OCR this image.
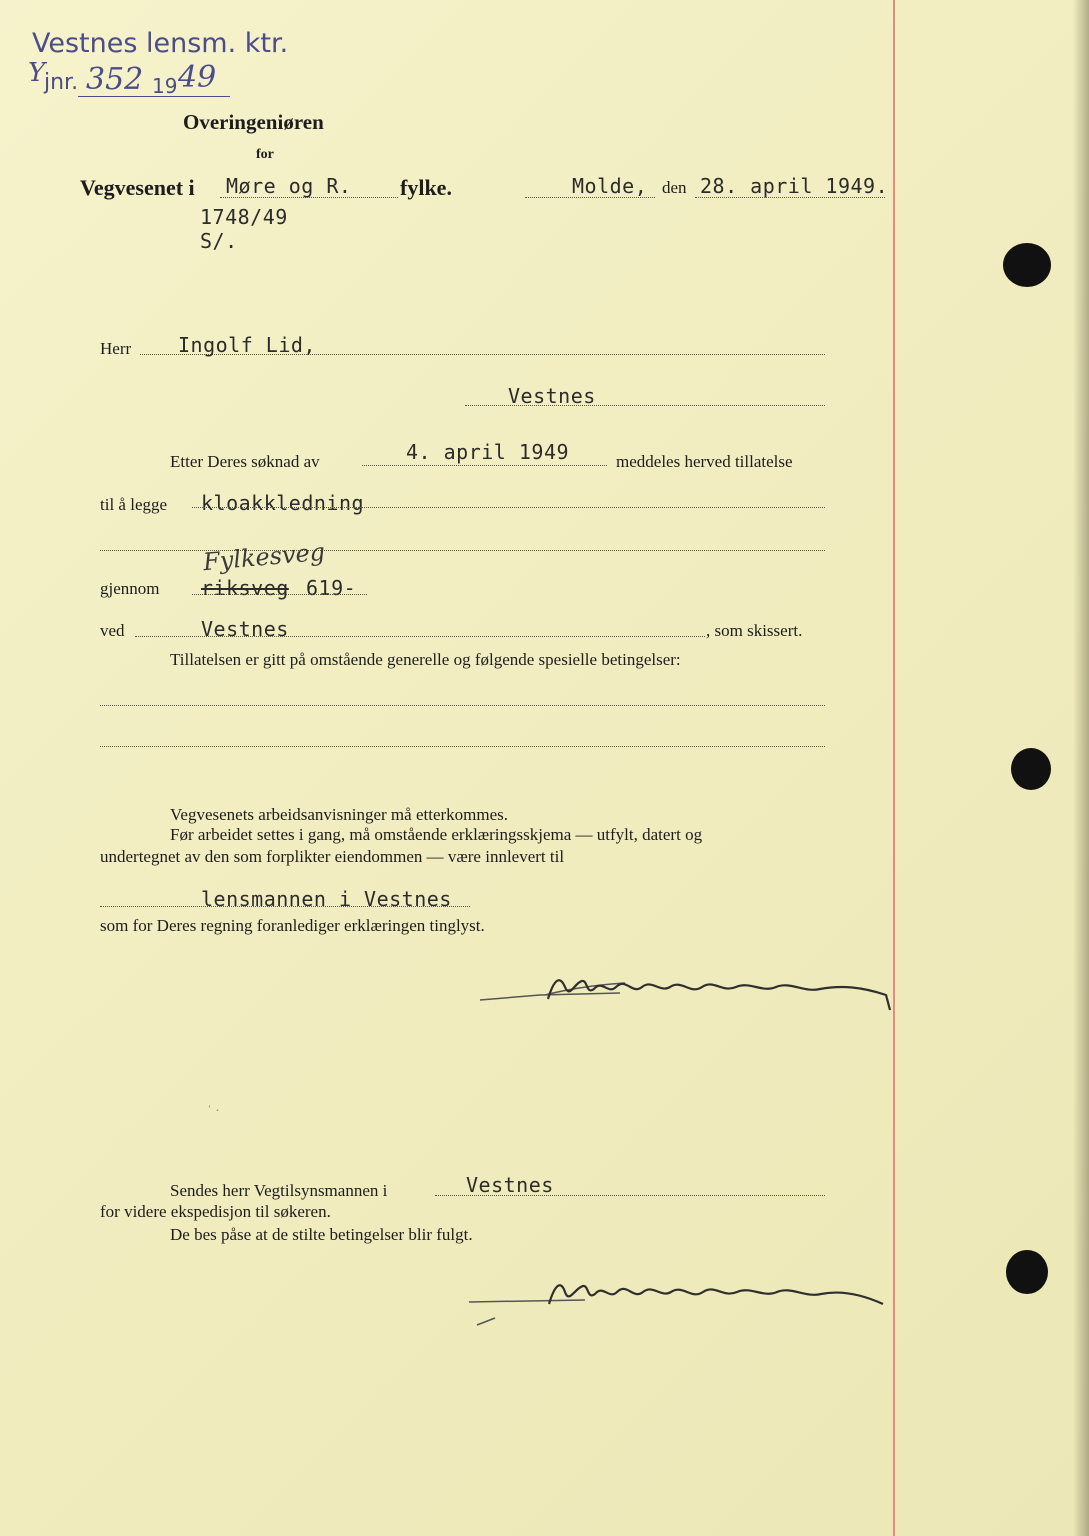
Vestnes lensm. ktr.
Y
jnr. 352 19 49
Overingeniøren
for
Vegvesenet i Møre og R. fylke.	Molde, den 28. april 1949.
1748/49
S/.
Herr Ingolf Lid,
Vestnes
Etter Deres søknad av	4. april 1949	meddeles herved tillatelse
til å legge kloakkledning
Fylkesveg
gjennom riksveg 619-
ved	Vestnes	, som skissert.
Tillatelsen er gitt på omstående generelle og følgende spesielle betingelser:
Vegvesenets arbeidsanvisninger må etterkommes.
Før arbeidet settes i gang, må omstående erklæringsskjema — utfylt, datert og
undertegnet av den som forplikter eiendommen — være innlevert til
lensmannen i Vestnes
som for Deres regning foranlediger erklæringen tinglyst.
ˈ ·
Sendes herr Vegtilsynsmannen i	Vestnes
for videre ekspedisjon til søkeren.
De bes påse at de stilte betingelser blir fulgt.
